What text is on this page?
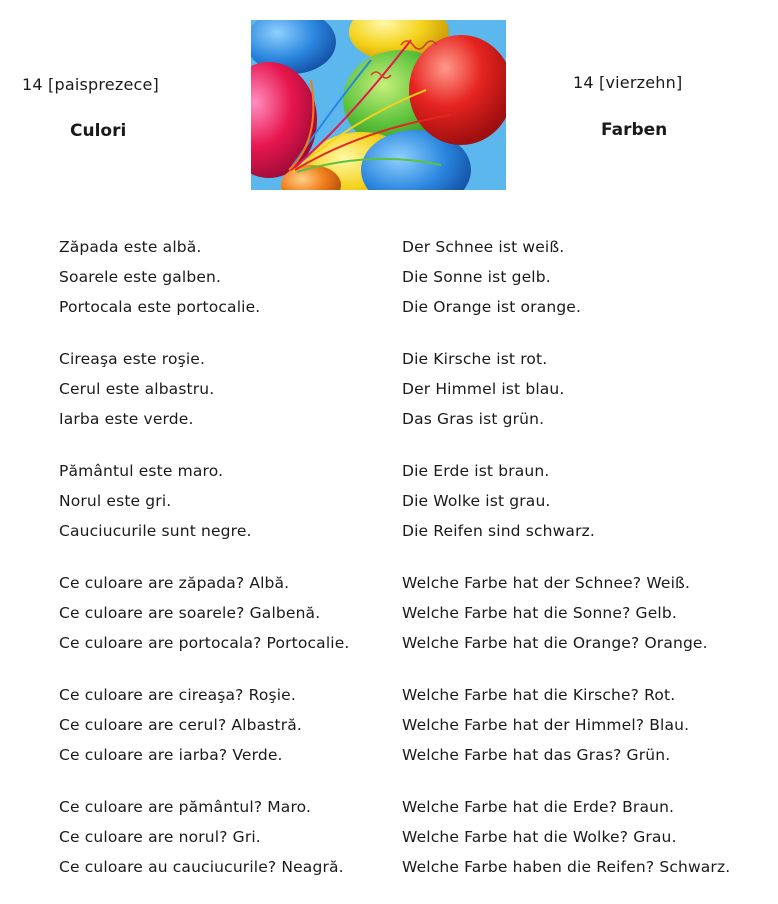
14 [paisprezece]
Culori
14 [vierzehn]
Farben
Zăpada este albă.
Soarele este galben.
Portocala este portocalie.
Cireaşa este roşie.
Cerul este albastru.
Iarba este verde.
Pământul este maro.
Norul este gri.
Cauciucurile sunt negre.
Ce culoare are zăpada? Albă.
Ce culoare are soarele? Galbenă.
Ce culoare are portocala? Portocalie.
Ce culoare are cireaşa? Roşie.
Ce culoare are cerul? Albastră.
Ce culoare are iarba? Verde.
Ce culoare are pământul? Maro.
Ce culoare are norul? Gri.
Ce culoare au cauciucurile? Neagră.
Der Schnee ist weiß.
Die Sonne ist gelb.
Die Orange ist orange.
Die Kirsche ist rot.
Der Himmel ist blau.
Das Gras ist grün.
Die Erde ist braun.
Die Wolke ist grau.
Die Reifen sind schwarz.
Welche Farbe hat der Schnee? Weiß.
Welche Farbe hat die Sonne? Gelb.
Welche Farbe hat die Orange? Orange.
Welche Farbe hat die Kirsche? Rot.
Welche Farbe hat der Himmel? Blau.
Welche Farbe hat das Gras? Grün.
Welche Farbe hat die Erde? Braun.
Welche Farbe hat die Wolke? Grau.
Welche Farbe haben die Reifen? Schwarz.
